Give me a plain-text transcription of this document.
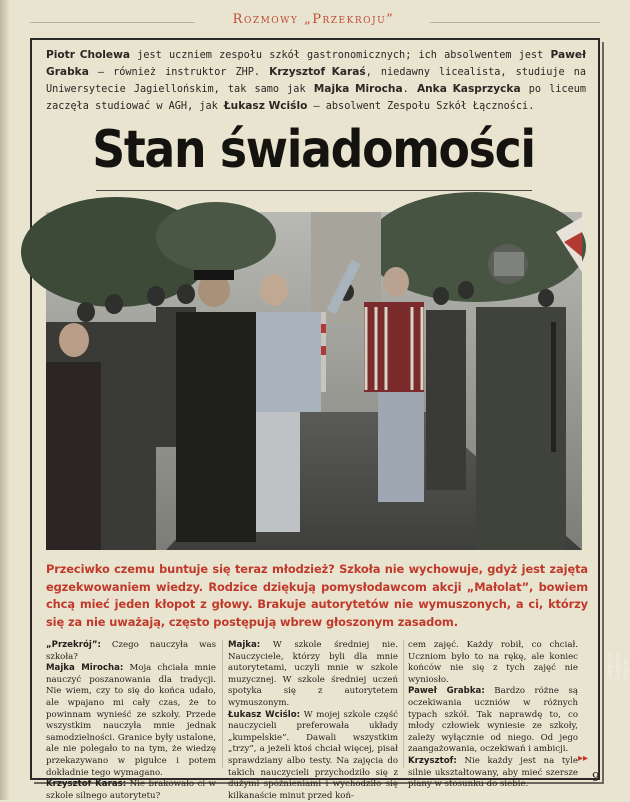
Rozmowy „Przekroju”
Piotr Cholewa jest uczniem zespołu szkół gastronomicznych; ich absolwentem jest Paweł Grabka – również instruktor ZHP. Krzysztof Karaś, niedawny licealista, studiuje na Uniwersytecie Jagiellońskim, tak samo jak Majka Mirocha. Anka Kasprzycka po liceum zaczęła studiować w AGH, jak Łukasz Wciślo – absolwent Zespołu Szkół Łączności.
Stan świadomości
Zdjęcie: Bogdan Krężel
Przeciwko czemu buntuje się teraz młodzież? Szkoła nie wychowuje, gdyż jest zajęta egzekwowaniem wiedzy. Rodzice dziękują pomysłodawcom akcji „Małolat”, bowiem chcą mieć jeden kłopot z głowy. Brakuje autorytetów nie wymuszonych, a ci, którzy się za nie uważają, często postępują wbrew głoszonym zasadom.
„Przekrój”: Czego nauczyła was szkoła?
Majka Mirocha: Moja chciała mnie nauczyć poszanowania dla tradycji. Nie wiem, czy to się do końca udało, ale wpajano mi cały czas, że to powinnam wynieść ze szkoły. Przede wszystkim nauczyła mnie jednak samodzielności. Granice były ustalone, ale nie polegało to na tym, że wiedzę przekazywano w pigułce i potem dokładnie tego wymagano.
Krzysztof Karaś: Nie brakowało ci w szkole silnego autorytetu?
Majka: W szkole średniej nie. Nauczyciele, którzy byli dla mnie autorytetami, uczyli mnie w szkole muzycznej. W szkole średniej uczeń spotyka się z autorytetem wymuszonym.
Łukasz Wciślo: W mojej szkole część nauczycieli preferowała układy „kumpelskie”. Dawali wszystkim „trzy”, a jeżeli ktoś chciał więcej, pisał sprawdziany albo testy. Na zajęcia do takich nauczycieli przychodziło się z dużymi spóźnieniami i wychodziło się kilkanaście minut przed koń-
cem zajęć. Każdy robił, co chciał. Uczniom było to na rękę, ale koniec końców nie się z tych zajęć nie wyniosło.
Paweł Grabka: Bardzo różne są oczekiwania uczniów w różnych typach szkół. Tak naprawdę to, co młody człowiek wyniesie ze szkoły, zależy wyłącznie od niego. Od jego zaangażowania, oczekiwań i ambicji.
Krzysztof: Nie każdy jest na tyle silnie ukształtowany, aby mieć szersze plany w stosunku do siebie.
▸▸
9
